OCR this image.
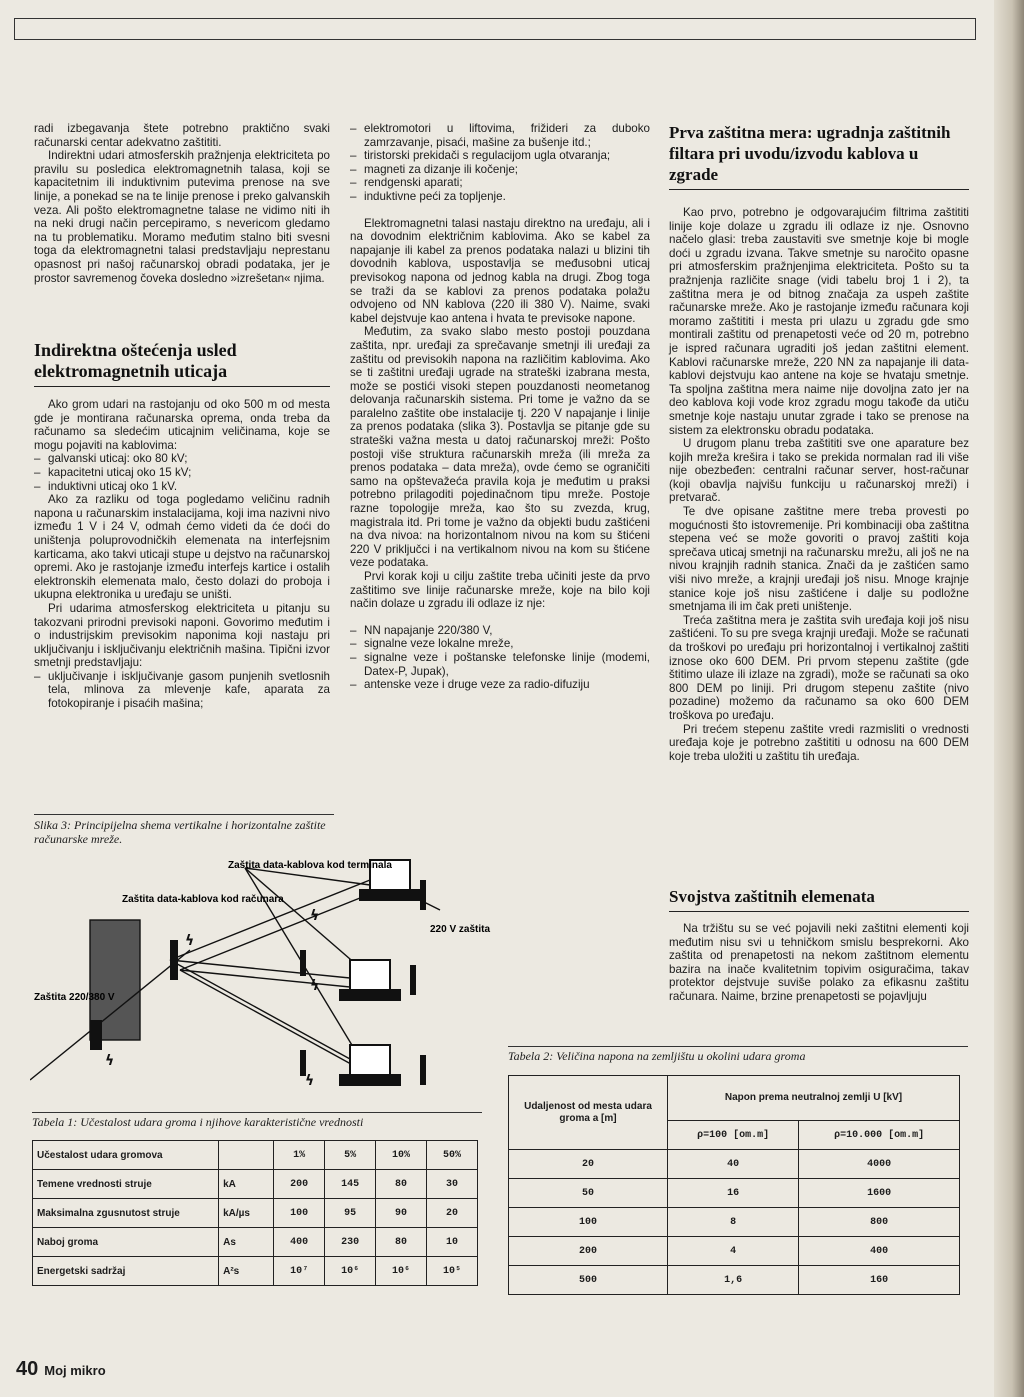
radi izbegavanja štete potrebno praktično svaki računarski centar adekvatno zaštititi.

Indirektni udari atmosferskih pražnjenja elektriciteta po pravilu su posledica elektromagnetnih talasa, koji se kapacitetnim ili induktivnim putevima prenose na sve linije, a ponekad se na te linije prenose i preko galvanskih veza. Ali pošto elektromagnetne talase ne vidimo niti ih na neki drugi način percepiramo, s nevericom gledamo na tu problematiku. Moramo međutim stalno biti svesni toga da elektromagnetni talasi predstavljaju neprestanu opasnost pri našoj računarskoj obradi podataka, jer je prostor savremenog čoveka dosledno »izrešetan« njima.

Indirektna oštećenja usled elektromagnetnih uticaja

Ako grom udari na rastojanju od oko 500 m od mesta gde je montirana računarska oprema, onda treba da računamo sa sledećim uticajnim veličinama, koje se mogu pojaviti na kablovima:

– galvanski uticaj: oko 80 kV;
– kapacitetni uticaj oko 15 kV;
– induktivni uticaj oko 1 kV.

Ako za razliku od toga pogledamo veličinu radnih napona u računarskim instalacijama, koji ima nazivni nivo između 1 V i 24 V, odmah ćemo videti da će doći do uništenja poluprovodničkih elemenata na interfejsnim karticama, ako takvi uticaji stupe u dejstvo na računarskoj opremi. Ako je rastojanje između interfejs kartice i ostalih elektronskih elemenata malo, često dolazi do proboja i ukupna elektronika u uređaju se uništi.

Pri udarima atmosferskog elektriciteta u pitanju su takozvani prirodni previsoki naponi. Govorimo međutim i o industrijskim previsokim naponima koji nastaju pri uključivanju i isključivanju električnih mašina. Tipični izvor smetnji predstavljaju:

– uključivanje i isključivanje gasom punjenih svetlosnih tela, mlinova za mlevenje kafe, aparata za fotokopiranje i pisaćih mašina;
– elektromotori u liftovima, frižideri za duboko zamrzavanje, pisaći, mašine za bušenje itd.;
– tiristorski prekidači s regulacijom ugla otvaranja;
– magneti za dizanje ili kočenje;
– rendgenski aparati;
– induktivne peći za topljenje.

Elektromagnetni talasi nastaju direktno na uređaju, ali i na dovodnim električnim kablovima. Ako se kabel za napajanje ili kabel za prenos podataka nalazi u blizini tih dovodnih kablova, uspostavlja se međusobni uticaj previsokog napona od jednog kabla na drugi. Zbog toga se traži da se kablovi za prenos podataka polažu odvojeno od NN kablova (220 ili 380 V). Naime, svaki kabel dejstvuje kao antena i hvata te previsoke napone.

Međutim, za svako slabo mesto postoji pouzdana zaštita, npr. uređaji za sprečavanje smetnji ili uređaji za zaštitu od previsokih napona na različitim kablovima. Ako se ti zaštitni uređaji ugrade na strateški izabrana mesta, može se postići visoki stepen pouzdanosti neometanog delovanja računarskih sistema. Pri tome je važno da se paralelno zaštite obe instalacije tj. 220 V napajanje i linije za prenos podataka (slika 3). Postavlja se pitanje gde su strateški važna mesta u datoj računarskoj mreži: Pošto postoji više struktura računarskih mreža (ili mreža za prenos podataka – data mreža), ovde ćemo se ograničiti samo na opštevažeća pravila koja je međutim u praksi potrebno prilagoditi pojedinačnom tipu mreže. Postoje razne topologije mreža, kao što su zvezda, krug, magistrala itd. Pri tome je važno da objekti budu zaštićeni na dva nivoa: na horizontalnom nivou na kom su štićeni 220 V priključci i na vertikalnom nivou na kom su štićene veze podataka.

Prvi korak koji u cilju zaštite treba učiniti jeste da prvo zaštitimo sve linije računarske mreže, koje na bilo koji način dolaze u zgradu ili odlaze iz nje:

– NN napajanje 220/380 V,
– signalne veze lokalne mreže,
– signalne veze i poštanske telefonske linije (modemi, Datex-P, Jupak),
– antenske veze i druge veze za radio-difuziju
Prva zaštitna mera: ugradnja zaštitnih filtara pri uvodu/izvodu kablova u zgrade

Kao prvo, potrebno je odgovarajućim filtrima zaštititi linije koje dolaze u zgradu ili odlaze iz nje. Osnovno načelo glasi: treba zaustaviti sve smetnje koje bi mogle doći u zgradu izvana. Takve smetnje su naročito opasne pri atmosferskim pražnjenjima elektriciteta. Pošto su ta pražnjenja različite snage (vidi tabelu broj 1 i 2), ta zaštitna mera je od bitnog značaja za uspeh zaštite računarske mreže. Ako je rastojanje između računara koji moramo zaštititi i mesta pri ulazu u zgradu gde smo montirali zaštitu od prenapetosti veće od 20 m, potrebno je ispred računara ugraditi još jedan zaštitni element. Kablovi računarske mreže, 220 NN za napajanje ili data-kablovi dejstvuju kao antene na koje se hvataju smetnje. Ta spoljna zaštitna mera naime nije dovoljna zato jer na deo kablova koji vode kroz zgradu mogu takođe da utiču smetnje koje nastaju unutar zgrade i tako se prenose na sistem za elektronsku obradu podataka.

U drugom planu treba zaštititi sve one aparature bez kojih mreža krešira i tako se prekida normalan rad ili više nije obezbeđen: centralni računar server, host-računar (koji obavlja najvišu funkciju u računarskoj mreži) i pretvarač.

Te dve opisane zaštitne mere treba provesti po mogućnosti što istovremenije. Pri kombinaciji oba zaštitna stepena već se može govoriti o pravoj zaštiti koja sprečava uticaj smetnji na računarsku mrežu, ali još ne na nivou krajnjih radnih stanica. Znači da je zaštićen samo viši nivo mreže, a krajnji uređaji još nisu. Mnoge krajnje stanice koje još nisu zaštićene i dalje su podložne smetnjama ili im čak preti uništenje.

Treća zaštitna mera je zaštita svih uređaja koji još nisu zaštićeni. To su pre svega krajnji uređaji. Može se računati da troškovi po uređaju pri horizontalnoj i vertikalnoj zaštiti iznose oko 600 DEM. Pri prvom stepenu zaštite (gde štitimo ulaze ili izlaze na zgradi), može se računati sa oko 800 DEM po liniji. Pri drugom stepenu zaštite (nivo pozadine) možemo da računamo sa oko 600 DEM troškova po uređaju.

Pri trećem stepenu zaštite vredi razmisliti o vrednosti uređaja koje je potrebno zaštititi u odnosu na 600 DEM koje treba uložiti u zaštitu tih uređaja.

Svojstva zaštitnih elemenata

Na tržištu su se već pojavili neki zaštitni elementi koji međutim nisu svi u tehničkom smislu besprekorni. Ako zaštita od prenapetosti na nekom zaštitnom elementu bazira na inače kvalitetnim topivim osiguračima, takav protektor dejstvuje suviše polako za efikasnu zaštitu računara. Naime, brzine prenapetosti se pojavljuju

Slika 3: Principijelna shema vertikalne i horizontalne zaštite računarske mreže.
ϟ
ϟ
ϟ
ϟ
ϟ
Zaštita data-kablova kod terminala
Zaštita data-kablova kod računara
220 V zaštita
Zaštita 220/380 V
Tabela 1: Učestalost udara groma i njihove karakteristične vrednosti
Učestalost udara gromova		1%	5%	10%	50%
Temene vrednosti struje	kA	200	145	80	30
Maksimalna zgusnutost struje	kA/µs	100	95	90	20
Naboj groma	As	400	230	80	10
Energetski sadržaj	A²s	10⁷	10⁶	10⁶	10⁵
Tabela 2: Veličina napona na zemljištu u okolini udara groma
Udaljenost od mesta udara groma a [m]	Napon prema neutralnoj zemlji U [kV]	
	ρ=100 [om.m]	ρ=10.000 [om.m]
20	40	4000
50	16	1600
100	8	800
200	4	400
500	1,6	160
40 Moj mikro
